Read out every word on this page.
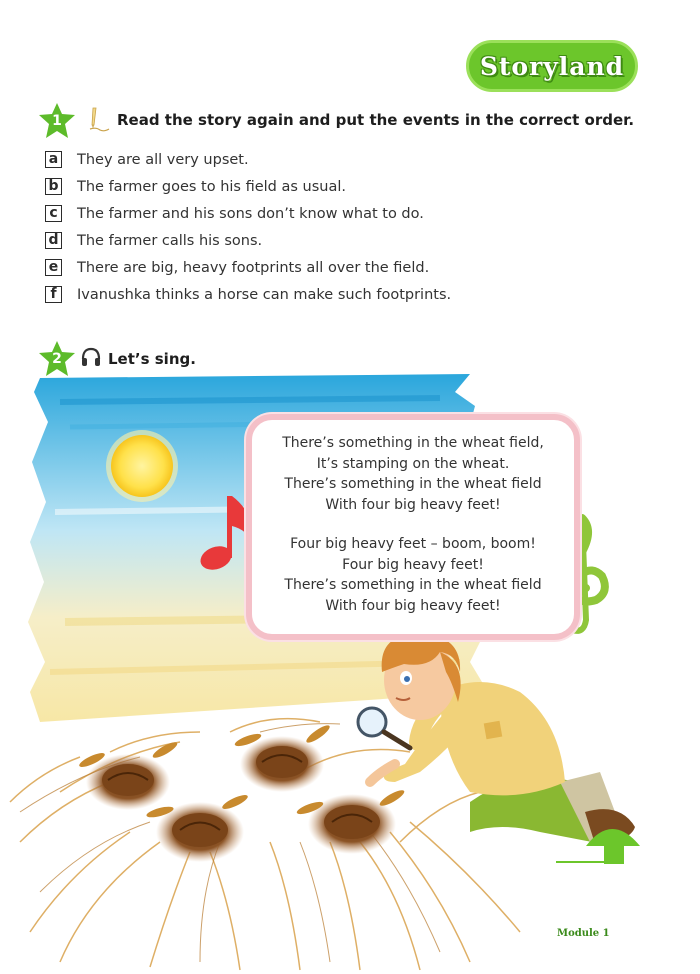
Storyland
1	Read the story again and put the events in the correct order.
a They are all very upset.
b The farmer goes to his field as usual.
c The farmer and his sons don’t know what to do.
d The farmer calls his sons.
e There are big, heavy footprints all over the field.
f	Ivanushka thinks a horse can make such footprints.
2	Let’s sing.
There’s something in the wheat field,
It’s stamping on the wheat.
There’s something in the wheat field
With four big heavy feet!
Four big heavy feet – boom, boom!
Four big heavy feet!
There’s something in the wheat field
With four big heavy feet!
53
Module 1
